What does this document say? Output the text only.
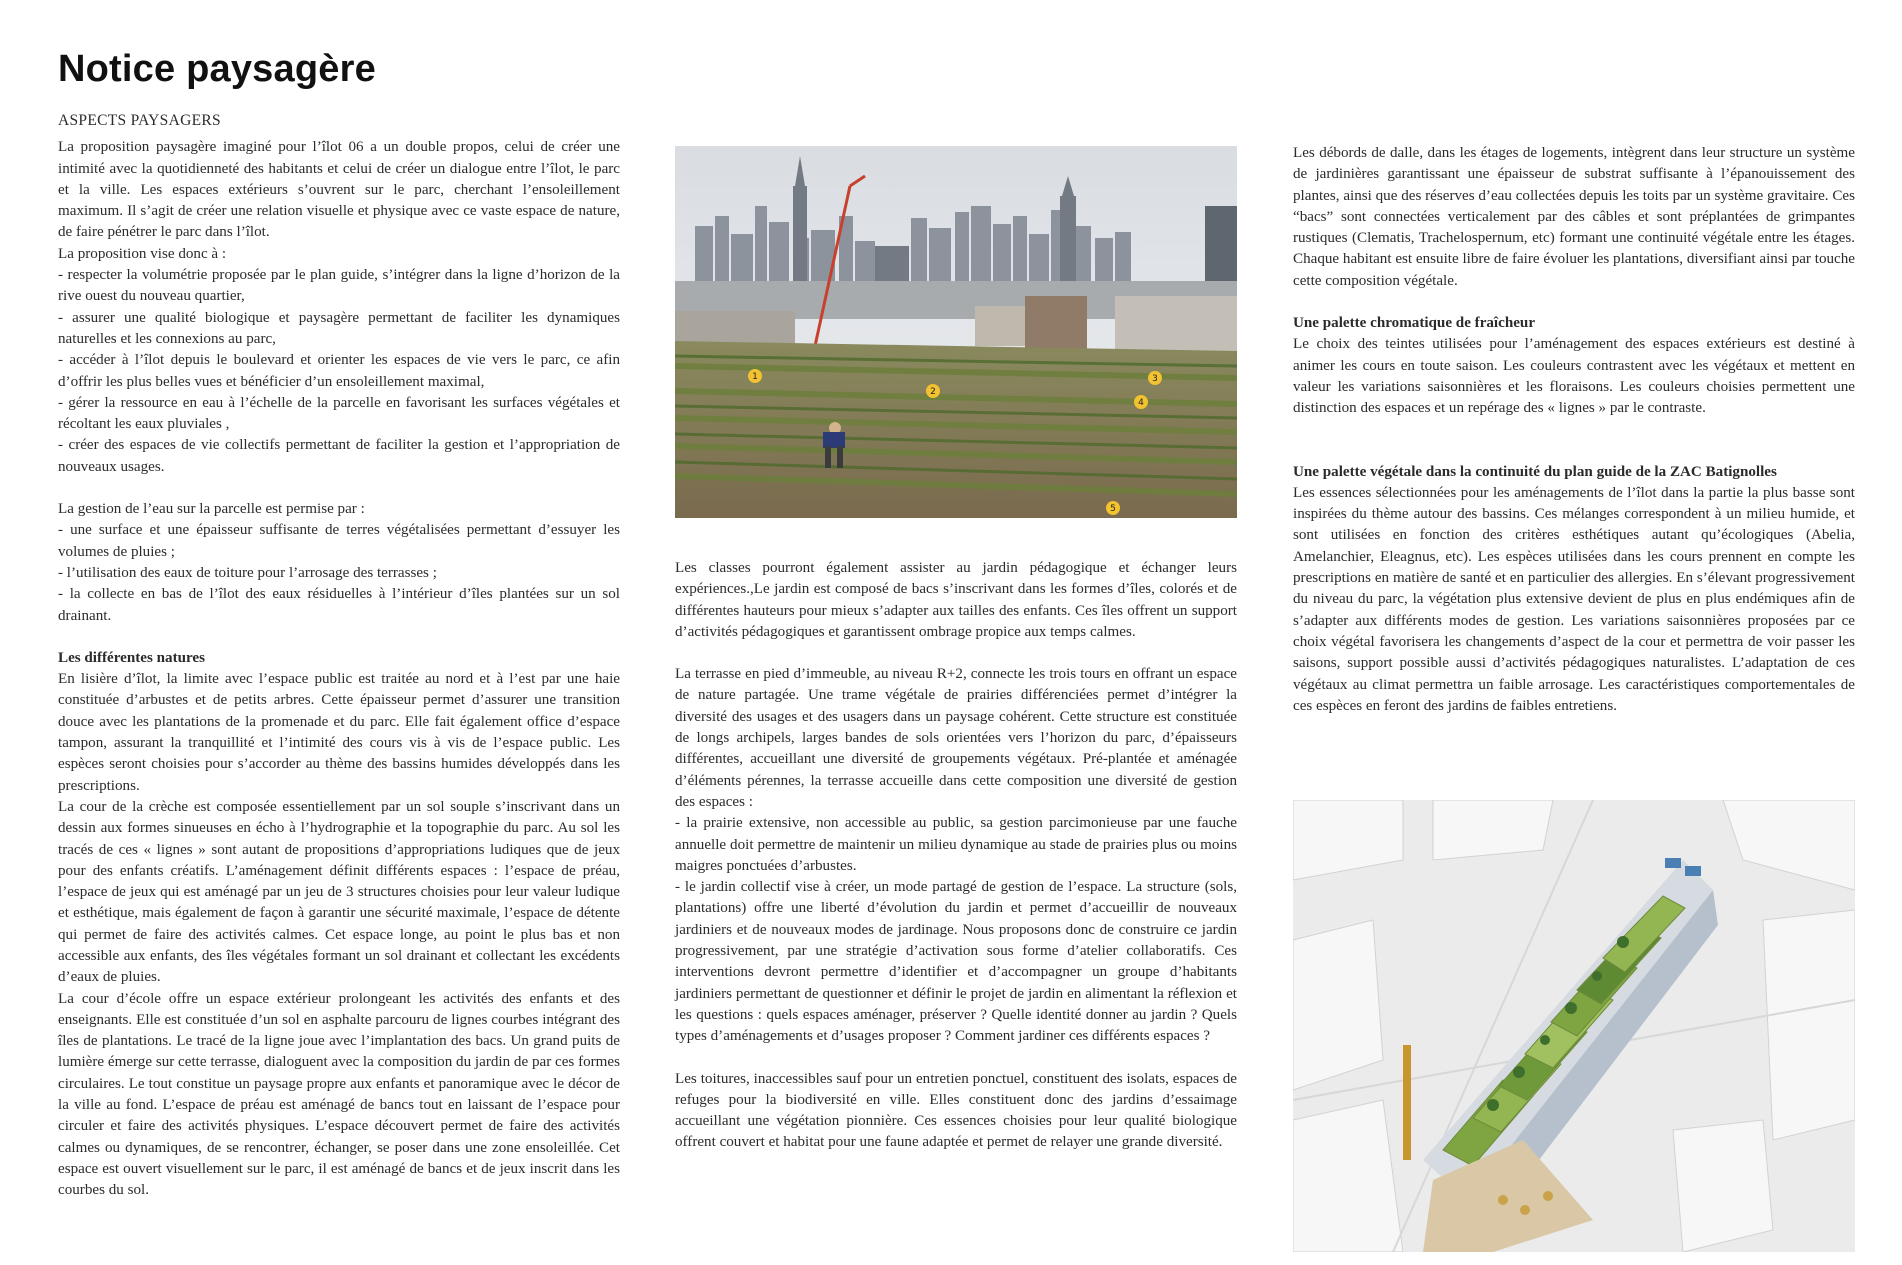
Notice paysagère

ASPECTS PAYSAGERS

La proposition paysagère imaginé pour l’îlot 06 a un double propos, celui de créer une intimité avec la quotidienneté des habitants et celui de créer un dialogue entre l’îlot, le parc et la ville. Les espaces extérieurs s’ouvrent sur le parc, cherchant l’ensoleillement maximum. Il s’agit de créer une relation visuelle et physique avec ce vaste espace de nature, de faire pénétrer le parc dans l’îlot.

La proposition vise donc à :

- respecter la volumétrie proposée par le plan guide, s’intégrer dans la ligne d’horizon de la rive ouest du nouveau quartier,

- assurer une qualité biologique et paysagère permettant de faciliter les dynamiques naturelles et les connexions au parc,

- accéder à l’îlot depuis le boulevard et orienter les espaces de vie vers le parc, ce afin d’offrir les plus belles vues et bénéficier d’un ensoleillement maximal,

- gérer la ressource en eau à l’échelle de la parcelle en favorisant les surfaces végétales et récoltant les eaux pluviales ,

- créer des espaces de vie collectifs permettant de faciliter la gestion et l’appropriation de nouveaux usages.

La gestion de l’eau sur la parcelle est permise par :

- une surface et une épaisseur suffisante de terres végétalisées permettant d’essuyer les volumes de pluies ;

- l’utilisation des eaux de toiture pour l’arrosage des terrasses ;

- la collecte en bas de l’îlot des eaux résiduelles à l’intérieur d’îles plantées sur un sol drainant.

Les différentes natures

En lisière d’îlot, la limite avec l’espace public est traitée au nord et à l’est par une haie constituée d’arbustes et de petits arbres. Cette épaisseur permet d’assurer une transition douce avec les plantations de la promenade et du parc. Elle fait également office d’espace tampon, assurant la tranquillité et l’intimité des cours vis à vis de l’espace public. Les espèces seront choisies pour s’accorder au thème des bassins humides développés dans les prescriptions.

La cour de la crèche est composée essentiellement par un sol souple s’inscrivant dans un dessin aux formes sinueuses en écho à l’hydrographie et la topographie du parc. Au sol les tracés de ces « lignes » sont autant de propositions d’appropriations ludiques que de jeux pour des enfants créatifs. L’aménagement définit différents espaces : l’espace de préau, l’espace de jeux qui est aménagé par un jeu de 3 structures choisies pour leur valeur ludique et esthétique, mais également de façon à garantir une sécurité maximale, l’espace de détente qui permet de faire des activités calmes. Cet espace longe, au point le plus bas et non accessible aux enfants, des îles végétales formant un sol drainant et collectant les excédents d’eaux de pluies.

La cour d’école offre un espace extérieur prolongeant les activités des enfants et des enseignants. Elle est constituée d’un sol en asphalte parcouru de lignes courbes intégrant des îles de plantations. Le tracé de la ligne joue avec l’implantation des bacs. Un grand puits de lumière émerge sur cette terrasse, dialoguent avec la composition du jardin de par ces formes circulaires. Le tout constitue un paysage propre aux enfants et panoramique avec le décor de la ville au fond. L’espace de préau est aménagé de bancs tout en laissant de l’espace pour circuler et faire des activités physiques. L’espace découvert permet de faire des activités calmes ou dynamiques, de se rencontrer, échanger, se poser dans une zone ensoleillée. Cet espace est ouvert visuellement sur le parc, il est aménagé de bancs et de jeux inscrit dans les courbes du sol.

1
2
3
4
5

Les classes pourront également assister au jardin pédagogique et échanger leurs expériences.,Le jardin est composé de bacs s’inscrivant dans les formes d’îles, colorés et de différentes hauteurs pour mieux s’adapter aux tailles des enfants. Ces îles offrent un support d’activités pédagogiques et garantissent ombrage propice aux temps calmes.

La terrasse en pied d’immeuble, au niveau R+2, connecte les trois tours en offrant un espace de nature partagée. Une trame végétale de prairies différenciées permet d’intégrer la diversité des usages et des usagers dans un paysage cohérent. Cette structure est constituée de longs archipels, larges bandes de sols orientées vers l’horizon du parc, d’épaisseurs différentes, accueillant une diversité de groupements végétaux. Pré-plantée et aménagée d’éléments pérennes, la terrasse accueille dans cette composition une diversité de gestion des espaces :

- la prairie extensive, non accessible au public, sa gestion parcimonieuse par une fauche annuelle doit permettre de maintenir un milieu dynamique au stade de prairies plus ou moins maigres ponctuées d’arbustes.

- le jardin collectif vise à créer, un mode partagé de gestion de l’espace. La structure (sols, plantations) offre une liberté d’évolution du jardin et permet d’accueillir de nouveaux jardiniers et de nouveaux modes de jardinage. Nous proposons donc de construire ce jardin progressivement, par une stratégie d’activation sous forme d’atelier collaboratifs. Ces interventions devront permettre d’identifier et d’accompagner un groupe d’habitants jardiniers permettant de questionner et définir le projet de jardin en alimentant la réflexion et les questions : quels espaces aménager, préserver ? Quelle identité donner au jardin ? Quels types d’aménagements et d’usages proposer ? Comment jardiner ces différents espaces ?

Les toitures, inaccessibles sauf pour un entretien ponctuel, constituent des isolats, espaces de refuges pour la biodiversité en ville. Elles constituent donc des jardins d’essaimage accueillant une végétation pionnière. Ces essences choisies pour leur qualité biologique offrent couvert et habitat pour une faune adaptée et permet de relayer une grande diversité.

Les débords de dalle, dans les étages de logements, intègrent dans leur structure un système de jardinières garantissant une épaisseur de substrat suffisante à l’épanouissement des plantes, ainsi que des réserves d’eau collectées depuis les toits par un système gravitaire. Ces “bacs” sont connectées verticalement par des câbles et sont préplantées de grimpantes rustiques (Clematis, Trachelospernum, etc) formant une continuité végétale entre les étages. Chaque habitant est ensuite libre de faire évoluer les plantations, diversifiant ainsi par touche cette composition végétale.

Une palette chromatique de fraîcheur

Le choix des teintes utilisées pour l’aménagement des espaces extérieurs est destiné à animer les cours en toute saison. Les couleurs contrastent avec les végétaux et mettent en valeur les variations saisonnières et les floraisons. Les couleurs choisies permettent une distinction des espaces et un repérage des « lignes » par le contraste.

Une palette végétale dans la continuité du plan guide de la ZAC Batignolles

Les essences sélectionnées pour les aménagements de l’îlot dans la partie la plus basse sont inspirées du thème autour des bassins. Ces mélanges correspondent à un milieu humide, et sont utilisées en fonction des critères esthétiques autant qu’écologiques (Abelia, Amelanchier, Eleagnus, etc). Les espèces utilisées dans les cours prennent en compte les prescriptions en matière de santé et en particulier des allergies. En s’élevant progressivement du niveau du parc, la végétation plus extensive devient de plus en plus endémiques afin de s’adapter aux différents modes de gestion. Les variations saisonnières proposées par ce choix végétal favorisera les changements d’aspect de la cour et permettra de voir passer les saisons, support possible aussi d’activités pédagogiques naturalistes. L’adaptation de ces végétaux au climat permettra un faible arrosage. Les caractéristiques comportementales de ces espèces en feront des jardins de faibles entretiens.
